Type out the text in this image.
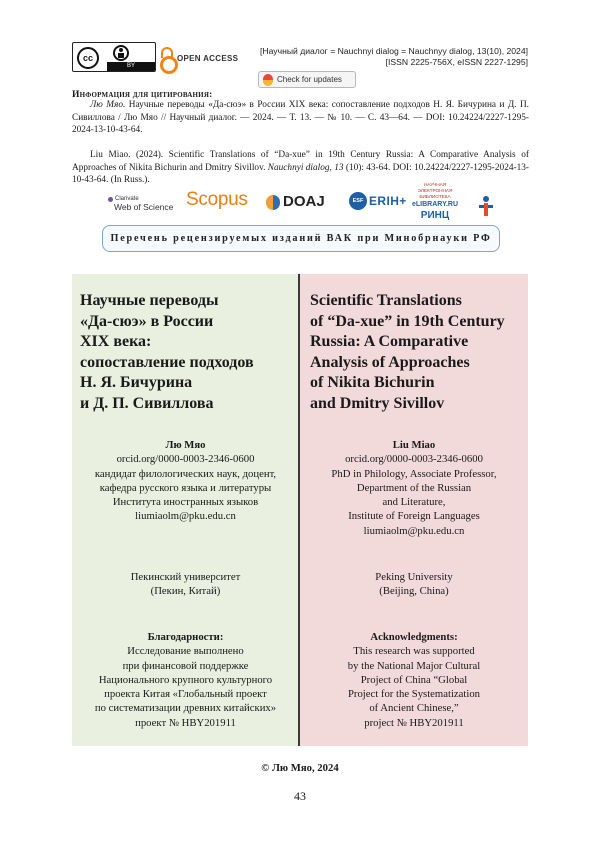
cc
BY
OPEN ACCESS
[Научный диалог = Nauchnyi dialog = Nauchnyy dialog, 13(10), 2024]
[ISSN 2225-756X, eISSN 2227-1295]
Check for updates
Информация для цитирования:
Лю Мяо. Научные переводы «Да-сюэ» в России XIX века: сопоставление подходов Н. Я. Бичурина и Д. П. Сивиллова / Лю Мяо // Научный диалог. — 2024. — Т. 13. — № 10. — С. 43—64. — DOI: 10.24224/2227-1295-2024-13-10-43-64.
Liu Miao. (2024). Scientific Translations of “Da-xue” in 19th Century Russia: A Comparative Analysis of Approaches of Nikita Bichurin and Dmitry Sivillov. Nauchnyi dialog, 13 (10): 43-64. DOI: 10.24224/2227-1295-2024-13-10-43-64. (In Russ.).
Clarivate
Web of Science Scopus DOAJ	ESF ERIH+
НАУЧНАЯ ЭЛЕКТРОННАЯ БИБЛИОТЕКА
eLIBRARY.RU
РИНЦ
Перечень рецензируемых изданий ВАК при Минобрнауки РФ
Научные переводы
«Да-сюэ» в России
XIX века:
сопоставление подходов
Н. Я. Бичурина
и Д. П. Сивиллова
Scientific Translations
of “Da-xue” in 19th Century
Russia: A Comparative
Analysis of Approaches
of Nikita Bichurin
and Dmitry Sivillov
Лю Мяо
orcid.org/0000-0003-2346-0600
кандидат филологических наук, доцент,
кафедра русского языка и литературы
Института иностранных языков
liumiaolm@pku.edu.cn
Liu Miao
orcid.org/0000-0003-2346-0600
PhD in Philology, Associate Professor,
Department of the Russian
and Literature,
Institute of Foreign Languages
liumiaolm@pku.edu.cn
Пекинский университет
(Пекин, Китай)
Peking University
(Beijing, China)
Благодарности:
Исследование выполнено
при финансовой поддержке
Национального крупного культурного
проекта Китая «Глобальный проект
по систематизации древних китайских»
проект № HBY201911
Acknowledgments:
This research was supported
by the National Major Cultural
Project of China “Global
Project for the Systematization
of Ancient Chinese,”
project № HBY201911
© Лю Мяо, 2024
43
